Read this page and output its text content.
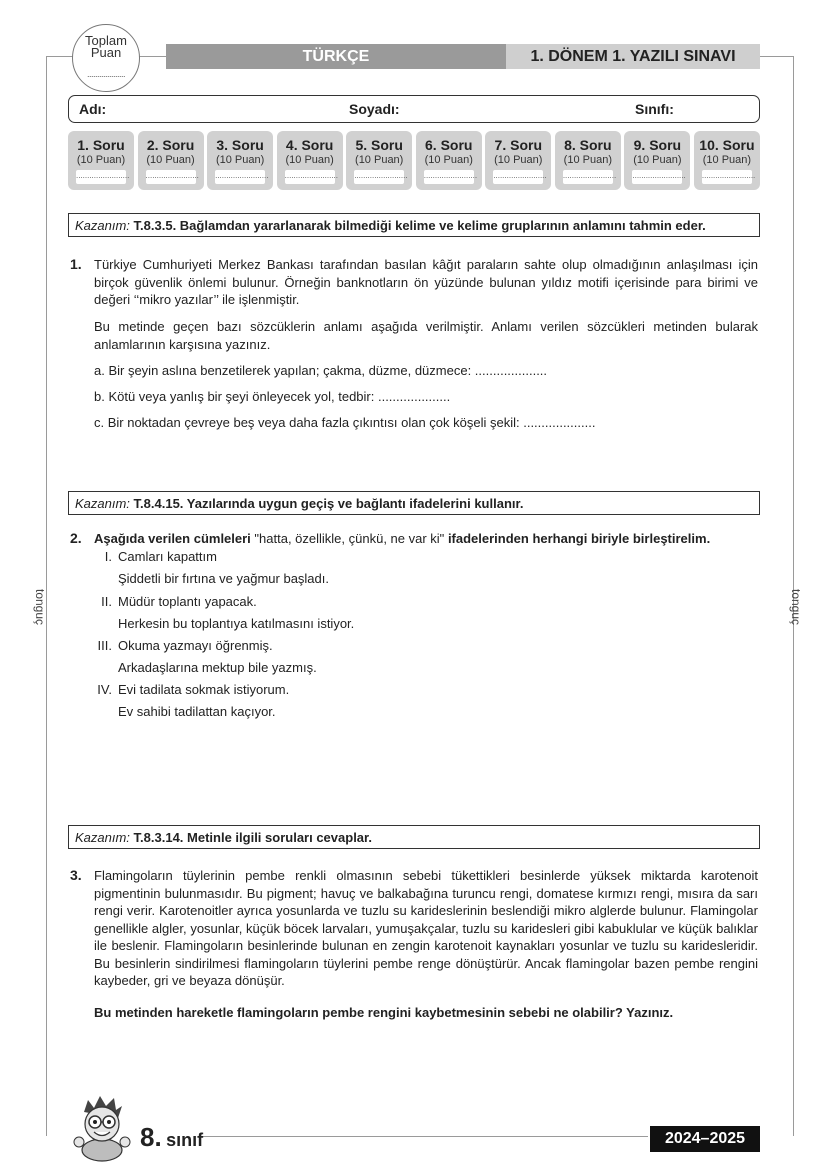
Toplam
Puan
...................
TÜRKÇE	1. DÖNEM 1. YAZILI SINAVI
Adı:	Soyadı:	Sınıfı:
1. Soru
(10 Puan)
........................
2. Soru
(10 Puan)
........................
3. Soru
(10 Puan)
........................
4. Soru
(10 Puan)
........................
5. Soru
(10 Puan)
........................
6. Soru
(10 Puan)
........................
7. Soru
(10 Puan)
........................
8. Soru
(10 Puan)
........................
9. Soru
(10 Puan)
........................
10. Soru
(10 Puan)
........................
Kazanım: T.8.3.5. Bağlamdan yararlanarak bilmediği kelime ve kelime gruplarının anlamını tahmin eder.
1. Türkiye Cumhuriyeti Merkez Bankası tarafından basılan kâğıt paraların sahte olup olmadığının anlaşılması için birçok güvenlik önlemi bulunur. Örneğin banknotların ön yüzünde bulunan yıldız motifi içerisinde para birimi ve değeri ‘‘mikro yazılar’’ ile işlenmiştir.
Bu metinde geçen bazı sözcüklerin anlamı aşağıda verilmiştir. Anlamı verilen sözcükleri metinden bularak anlamlarının karşısına yazınız.
a. Bir şeyin aslına benzetilerek yapılan; çakma, düzme, düzmece: ....................
b. Kötü veya yanlış bir şeyi önleyecek yol, tedbir: ....................
c. Bir noktadan çevreye beş veya daha fazla çıkıntısı olan çok köşeli şekil: ....................
Kazanım: T.8.4.15. Yazılarında uygun geçiş ve bağlantı ifadelerini kullanır.
2. Aşağıda verilen cümleleri "hatta, özellikle, çünkü, ne var ki" ifadelerinden herhangi biriyle birleştirelim.
I. Camları kapattım
Şiddetli bir fırtına ve yağmur başladı.
II. Müdür toplantı yapacak.
Herkesin bu toplantıya katılmasını istiyor.
III. Okuma yazmayı öğrenmiş.
Arkadaşlarına mektup bile yazmış.
IV. Evi tadilata sokmak istiyorum.
Ev sahibi tadilattan kaçıyor.
Kazanım: T.8.3.14. Metinle ilgili soruları cevaplar.
3. Flamingoların tüylerinin pembe renkli olmasının sebebi tükettikleri besinlerde yüksek miktarda karotenoit pigmentinin bulunmasıdır. Bu pigment; havuç ve balkabağına turuncu rengi, domatese kırmızı rengi, mısıra da sarı rengi verir. Karotenoitler ayrıca yosunlarda ve tuzlu su karideslerinin beslendiği mikro alglerde bulunur. Flamingolar genellikle algler, yosunlar, küçük böcek larvaları, yumuşakçalar, tuzlu su karidesleri gibi kabuklular ve küçük balıklar ile beslenir. Flamingoların besinlerinde bulunan en zengin karotenoit kaynakları yosunlar ve tuzlu su karidesleridir. Bu besinlerin sindirilmesi flamingoların tüylerini pembe renge dönüştürür. Ancak flamingolar bazen pembe rengini kaybeder, gri ve beyaza dönüşür.
Bu metinden hareketle flamingoların pembe rengini kaybetmesinin sebebi ne olabilir? Yazınız.
tonguç	tonguç
8. sınıf	2024–2025
